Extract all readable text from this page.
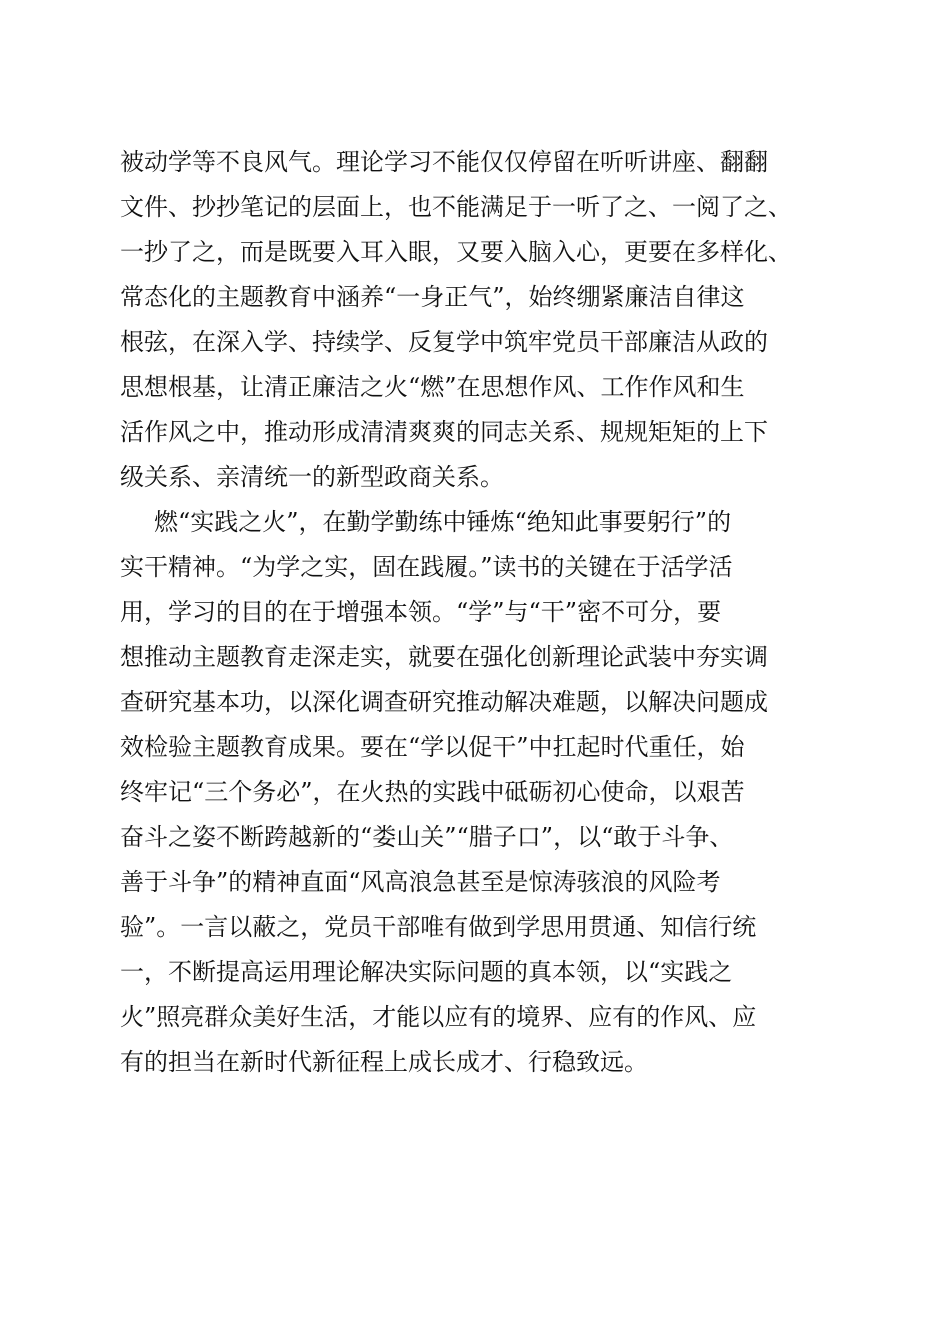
被动学等不良风气。理论学习不能仅仅停留在听听讲座、翻翻
文件、抄抄笔记的层面上，也不能满足于一听了之、一阅了之、
一抄了之，而是既要入耳入眼，又要入脑入心，更要在多样化、
常态化的主题教育中涵养“一身正气”，始终绷紧廉洁自律这
根弦，在深入学、持续学、反复学中筑牢党员干部廉洁从政的
思想根基，让清正廉洁之火“燃”在思想作风、工作作风和生
活作风之中，推动形成清清爽爽的同志关系、规规矩矩的上下
级关系、亲清统一的新型政商关系。
燃“实践之火”，在勤学勤练中锤炼“绝知此事要躬行”的
实干精神。“为学之实，固在践履。”读书的关键在于活学活
用，学习的目的在于增强本领。“学”与“干”密不可分，要
想推动主题教育走深走实，就要在强化创新理论武装中夯实调
查研究基本功，以深化调查研究推动解决难题，以解决问题成
效检验主题教育成果。要在“学以促干”中扛起时代重任，始
终牢记“三个务必”，在火热的实践中砥砺初心使命，以艰苦
奋斗之姿不断跨越新的“娄山关”“腊子口”，以“敢于斗争、
善于斗争”的精神直面“风高浪急甚至是惊涛骇浪的风险考
验”。一言以蔽之，党员干部唯有做到学思用贯通、知信行统
一，不断提高运用理论解决实际问题的真本领，以“实践之
火”照亮群众美好生活，才能以应有的境界、应有的作风、应
有的担当在新时代新征程上成长成才、行稳致远。
